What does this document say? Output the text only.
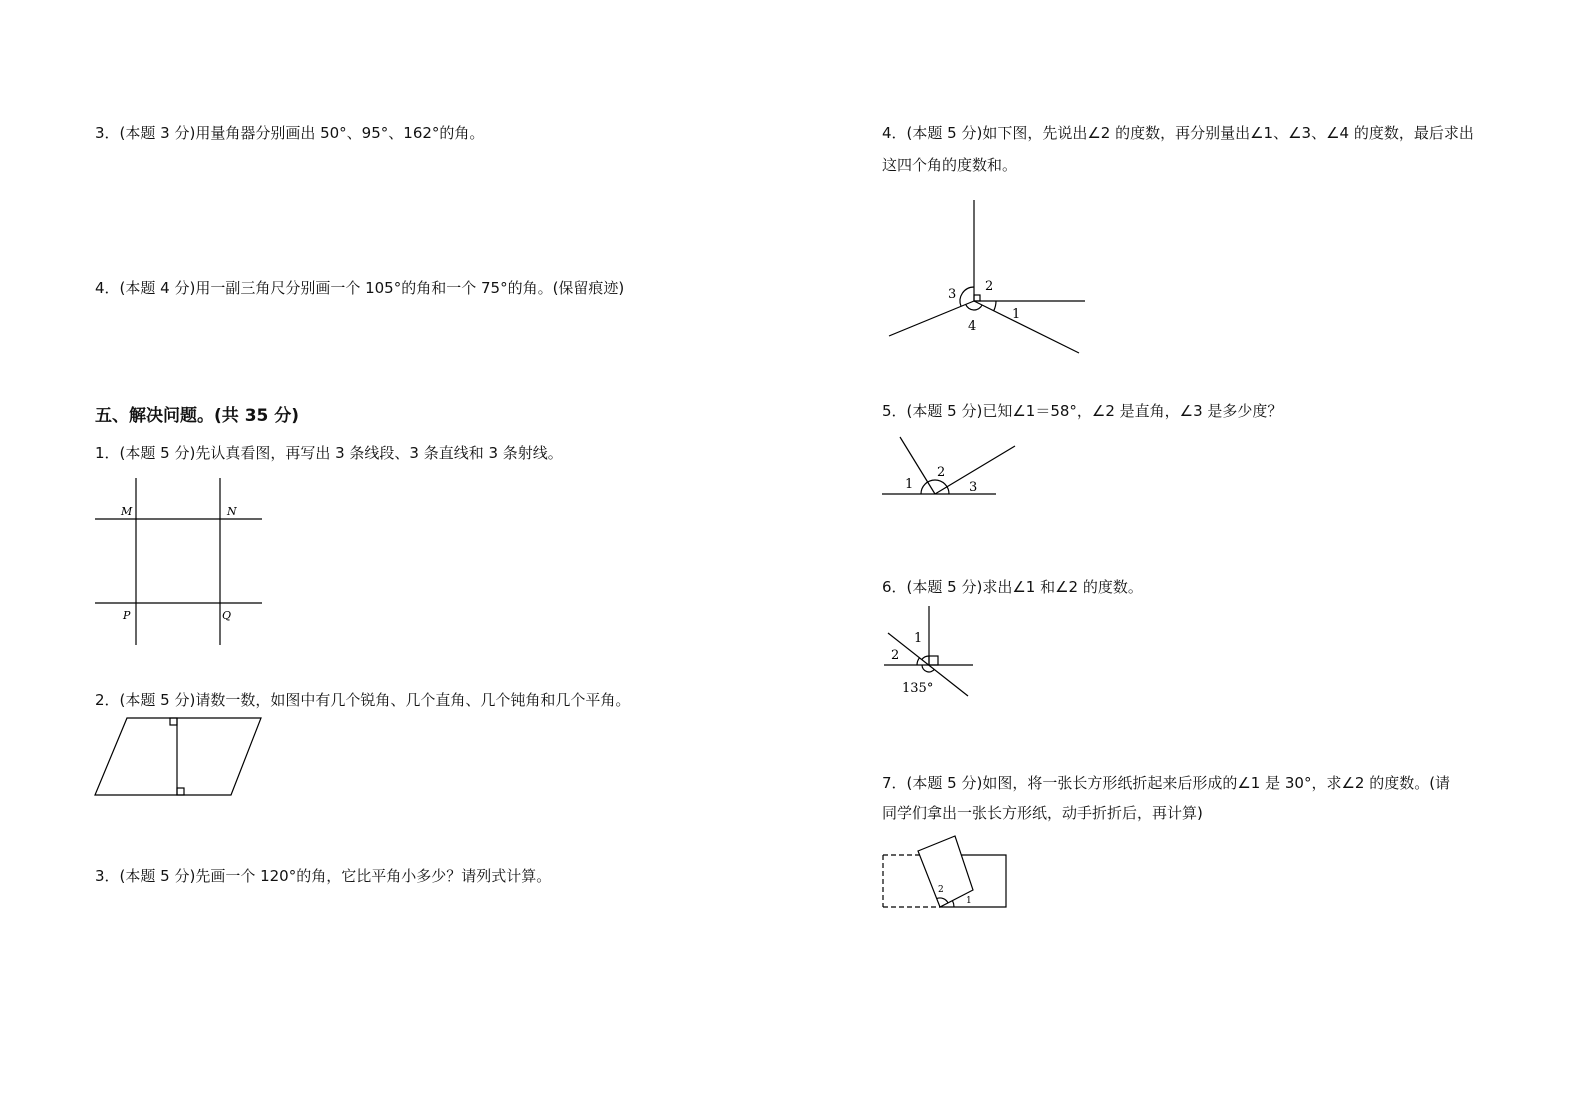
3．(本题 3 分)用量角器分别画出 50°、95°、162°的角。
4．(本题 4 分)用一副三角尺分别画一个 105°的角和一个 75°的角。(保留痕迹)
五、解决问题。(共 35 分)
1．(本题 5 分)先认真看图，再写出 3 条线段、3 条直线和 3 条射线。
M	N
P	Q
2．(本题 5 分)请数一数，如图中有几个锐角、几个直角、几个钝角和几个平角。
3．(本题 5 分)先画一个 120°的角，它比平角小多少？请列式计算。
4．(本题 5 分)如下图，先说出∠2 的度数，再分别量出∠1、∠3、∠4 的度数，最后求出
这四个角的度数和。
3
2
1
4
5．(本题 5 分)已知∠1＝58°，∠2 是直角，∠3 是多少度？
1
2
3
6．(本题 5 分)求出∠1 和∠2 的度数。
1
2
135°
7．(本题 5 分)如图，将一张长方形纸折起来后形成的∠1 是 30°，求∠2 的度数。(请
同学们拿出一张长方形纸，动手折折后，再计算)
2
1
